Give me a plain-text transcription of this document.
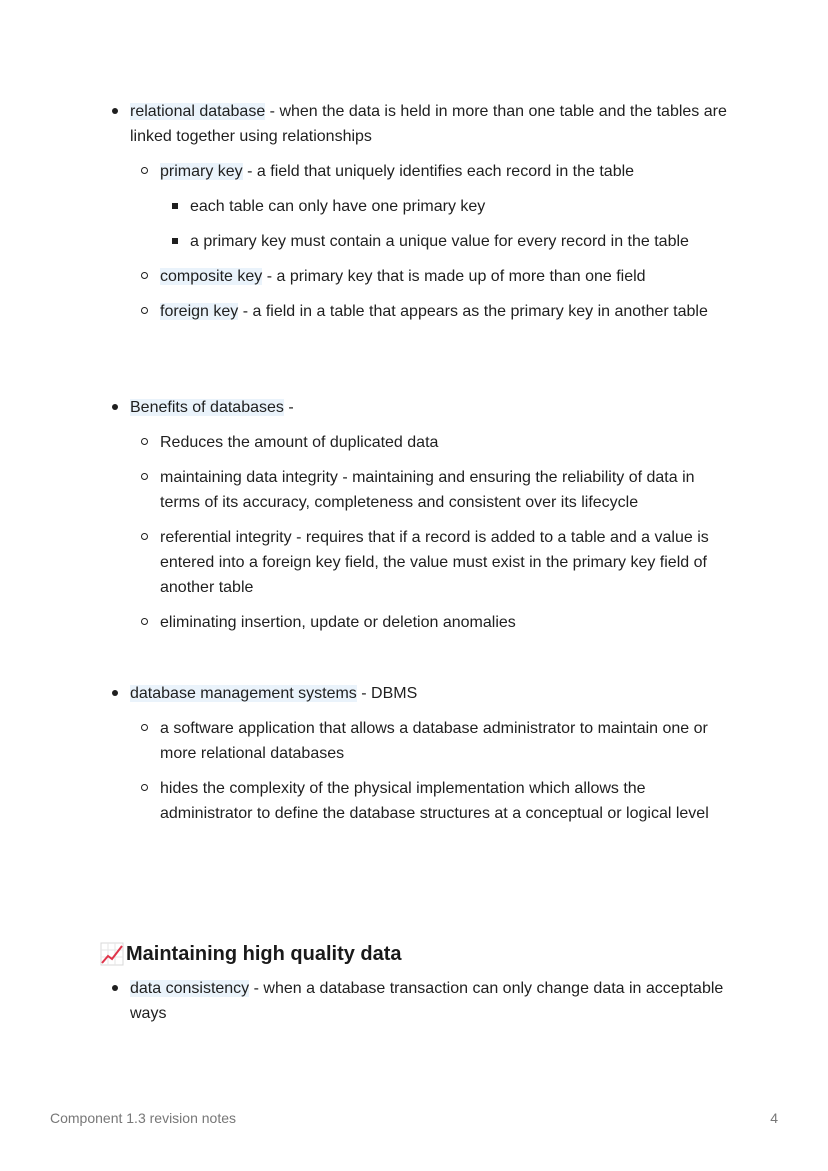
relational database - when the data is held in more than one table and the tables are linked together using relationships
primary key - a field that uniquely identifies each record in the table
each table can only have one primary key
a primary key must contain a unique value for every record in the table
composite key - a primary key that is made up of more than one field
foreign key - a field in a table that appears as the primary key in another table
Benefits of databases -
Reduces the amount of duplicated data
maintaining data integrity - maintaining and ensuring the reliability of data in terms of its accuracy, completeness and consistent over its lifecycle
referential integrity - requires that if a record is added to a table and a value is entered into a foreign key field, the value must exist in the primary key field of another table
eliminating insertion, update or deletion anomalies
database management systems - DBMS
a software application that allows a database administrator to maintain one or more relational databases
hides the complexity of the physical implementation which allows the administrator to define the database structures at a conceptual or logical level
Maintaining high quality data
data consistency - when a database transaction can only change data in acceptable ways
Component 1.3 revision notes	4
